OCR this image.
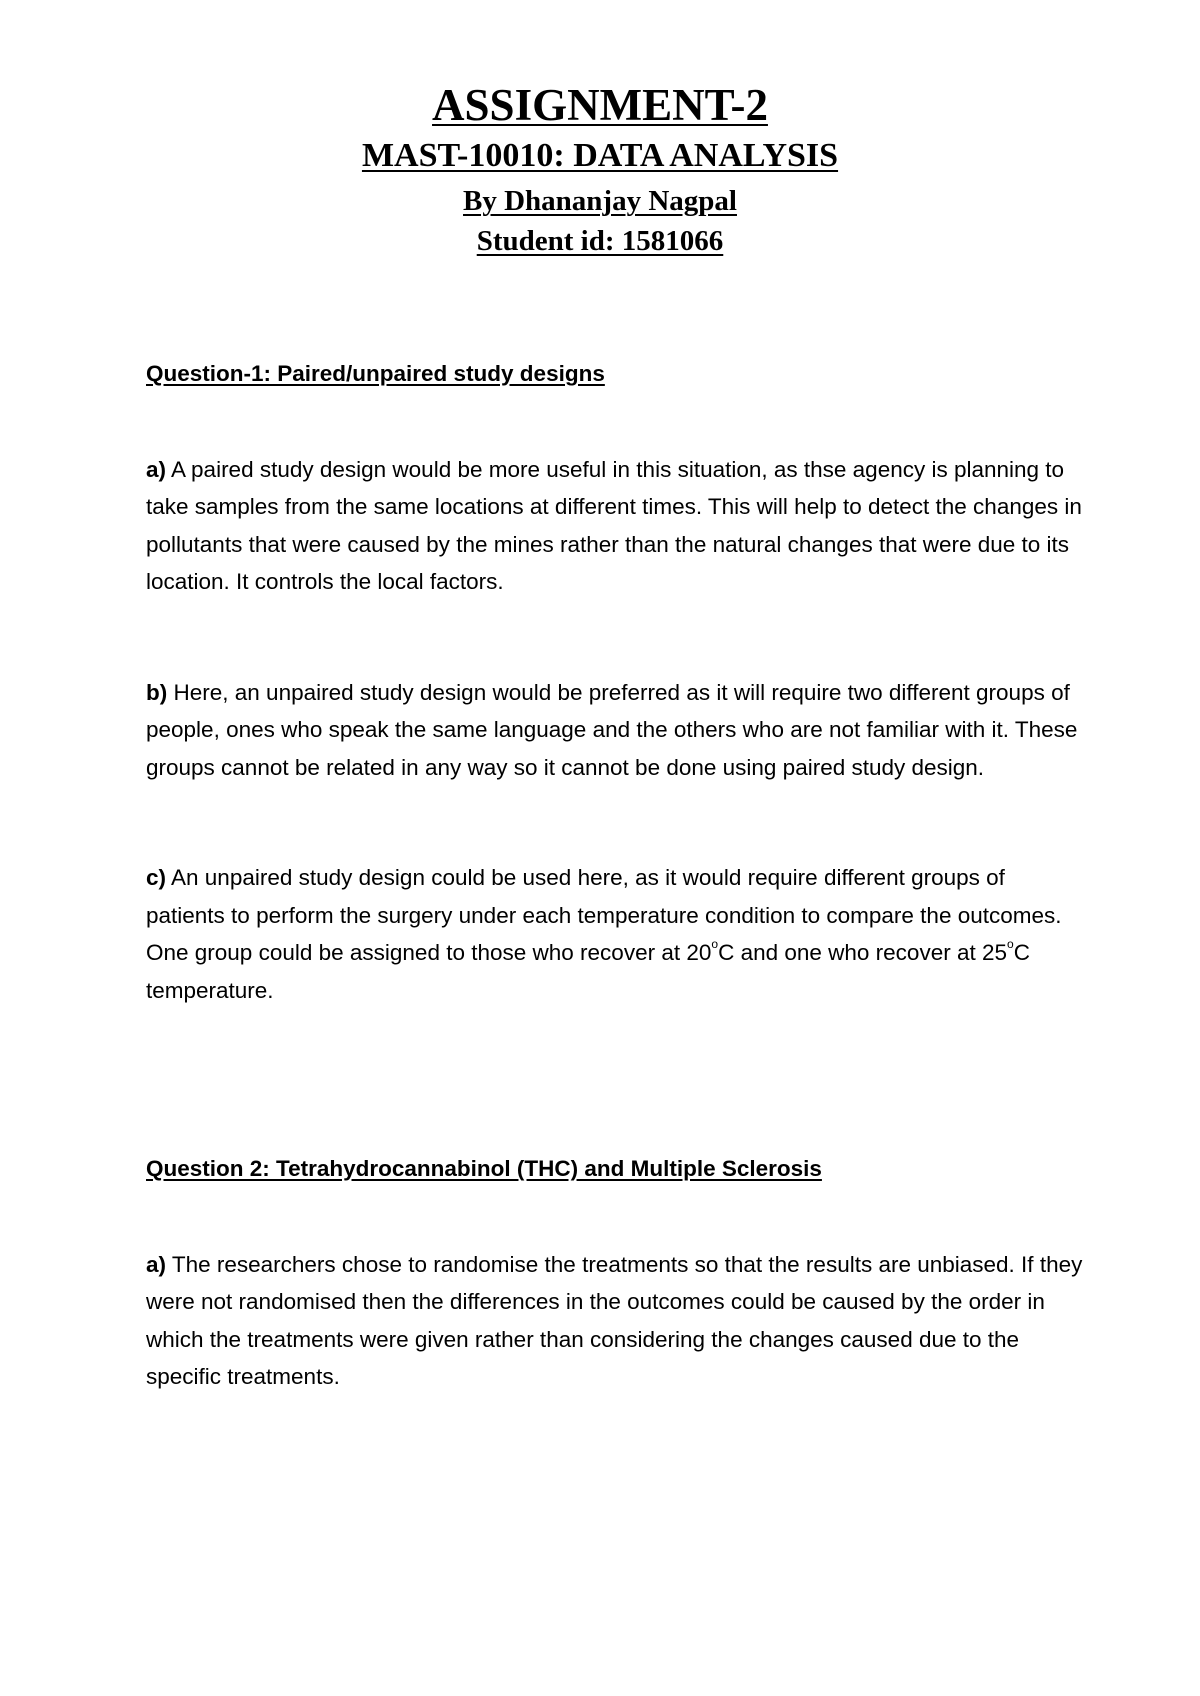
ASSIGNMENT-2
MAST-10010: DATA ANALYSIS
By Dhananjay Nagpal
Student id: 1581066

Question-1: Paired/unpaired study designs

a) A paired study design would be more useful in this situation, as thse agency is planning to take samples from the same locations at different times. This will help to detect the changes in pollutants that were caused by the mines rather than the natural changes that were due to its location. It controls the local factors.

b) Here, an unpaired study design would be preferred as it will require two different groups of people, ones who speak the same language and the others who are not familiar with it. These groups cannot be related in any way so it cannot be done using paired study design.

c) An unpaired study design could be used here, as it would require different groups of patients to perform the surgery under each temperature condition to compare the outcomes. One group could be assigned to those who recover at 20$^o$C and one who recover at 25$^o$C temperature.

Question 2: Tetrahydrocannabinol (THC) and Multiple Sclerosis

a) The researchers chose to randomise the treatments so that the results are unbiased. If they were not randomised then the differences in the outcomes could be caused by the order in which the treatments were given rather than considering the changes caused due to the specific treatments.
